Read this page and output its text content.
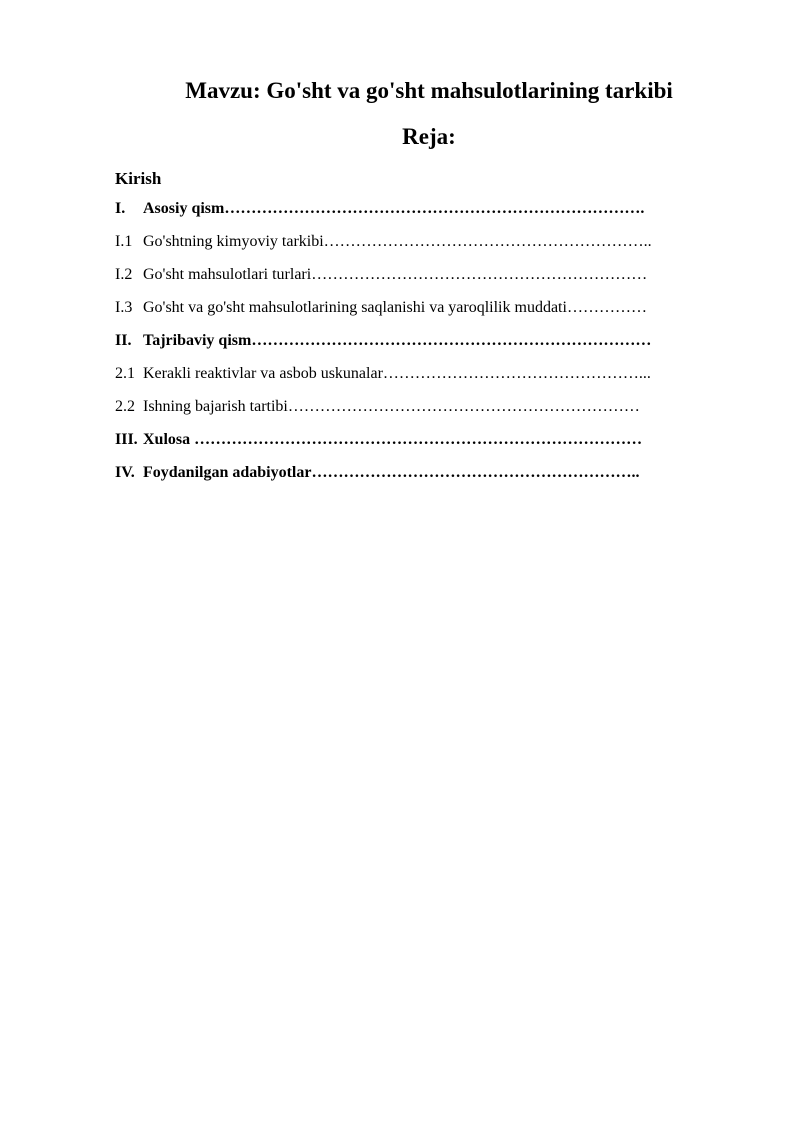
Mavzu: Go'sht va go'sht mahsulotlarining tarkibi
Reja:
Kirish
I. Asosiy qism…………………………………………………………………….
I.1 Go'shtning kimyoviy tarkibi……………………………………………………..
I.2 Go'sht mahsulotlari turlari………………………………………………………
I.3 Go'sht va go'sht mahsulotlarining saqlanishi va yaroqlilik muddati……………
II. Tajribaviy qism…………………………………………………………………
2.1 Kerakli reaktivlar va asbob uskunalar…………………………………………...
2.2 Ishning bajarish tartibi…………………………………………………………
III. Xulosa …………………………………………………………………………
IV. Foydanilgan adabiyotlar……………………………………………………..
